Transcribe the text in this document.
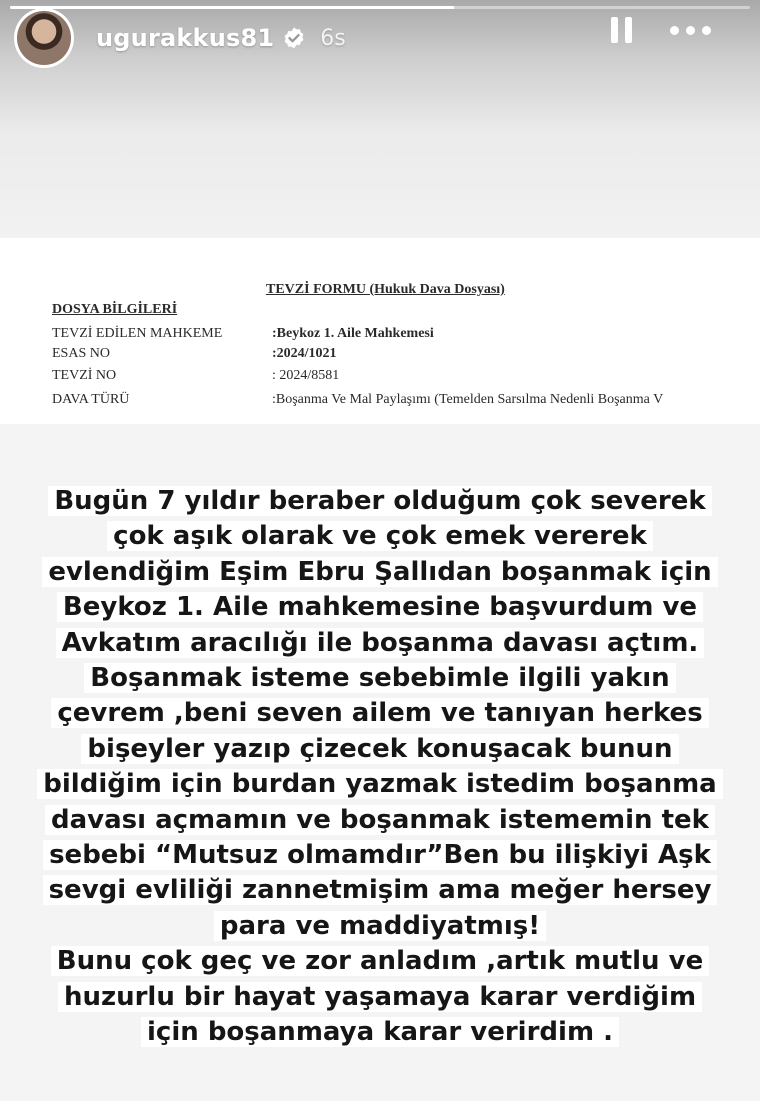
ugurakkus81 6s
TEVZİ FORMU (Hukuk Dava Dosyası)
DOSYA BİLGİLERİ
TEVZİ EDİLEN MAHKEME	:Beykoz 1. Aile Mahkemesi
ESAS NO	:2024/1021
TEVZİ NO	: 2024/8581
DAVA TÜRÜ	:Boşanma Ve Mal Paylaşımı (Temelden Sarsılma Nedenli Boşanma V
Bugün 7 yıldır beraber olduğum çok severek
çok aşık olarak ve çok emek vererek
evlendiğim Eşim Ebru Şallıdan boşanmak için
Beykoz 1. Aile mahkemesine başvurdum ve
Avkatım aracılığı ile boşanma davası açtım.
Boşanmak isteme sebebimle ilgili yakın
çevrem ,beni seven ailem ve tanıyan herkes
bişeyler yazıp çizecek konuşacak bunun
bildiğim için burdan yazmak istedim boşanma
davası açmamın ve boşanmak istememin tek
sebebi “Mutsuz olmamdır”Ben bu ilişkiyi Aşk
sevgi evliliği zannetmişim ama meğer hersey
para ve maddiyatmış!
Bunu çok geç ve zor anladım ,artık mutlu ve
huzurlu bir hayat yaşamaya karar verdiğim
için boşanmaya karar verirdim .
